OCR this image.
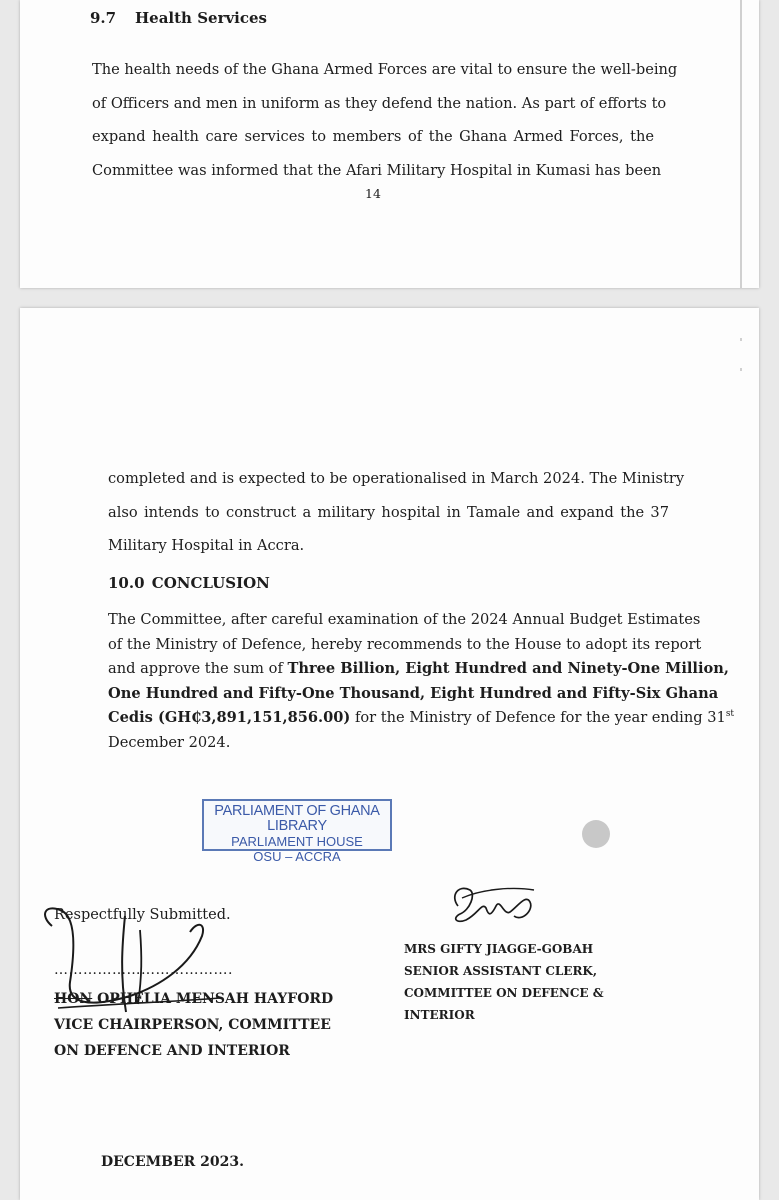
9.7 Health Services
The health needs of the Ghana Armed Forces are vital to ensure the well-being
of Officers and men in uniform as they defend the nation. As part of efforts to
expand health care services to members of the Ghana Armed Forces, the
Committee was informed that the Afari Military Hospital in Kumasi has been
14
completed and is expected to be operationalised in March 2024. The Ministry
also intends to construct a military hospital in Tamale and expand the 37
Military Hospital in Accra.
10.0 CONCLUSION
The Committee, after careful examination of the 2024 Annual Budget Estimates
of the Ministry of Defence, hereby recommends to the House to adopt its report
and approve the sum of Three Billion, Eight Hundred and Ninety-One Million,
One Hundred and Fifty-One Thousand, Eight Hundred and Fifty-Six Ghana
Cedis (GH₵3,891,151,856.00) for the Ministry of Defence for the year ending 31st
December 2024.
PARLIAMENT OF GHANA LIBRARY
PARLIAMENT HOUSE
OSU – ACCRA
Respectfully Submitted.
……………………………….
HON OPHELIA MENSAH HAYFORD
VICE CHAIRPERSON, COMMITTEE
ON DEFENCE AND INTERIOR
MRS GIFTY JIAGGE-GOBAH
SENIOR ASSISTANT CLERK,
COMMITTEE ON DEFENCE &
INTERIOR
DECEMBER 2023.
